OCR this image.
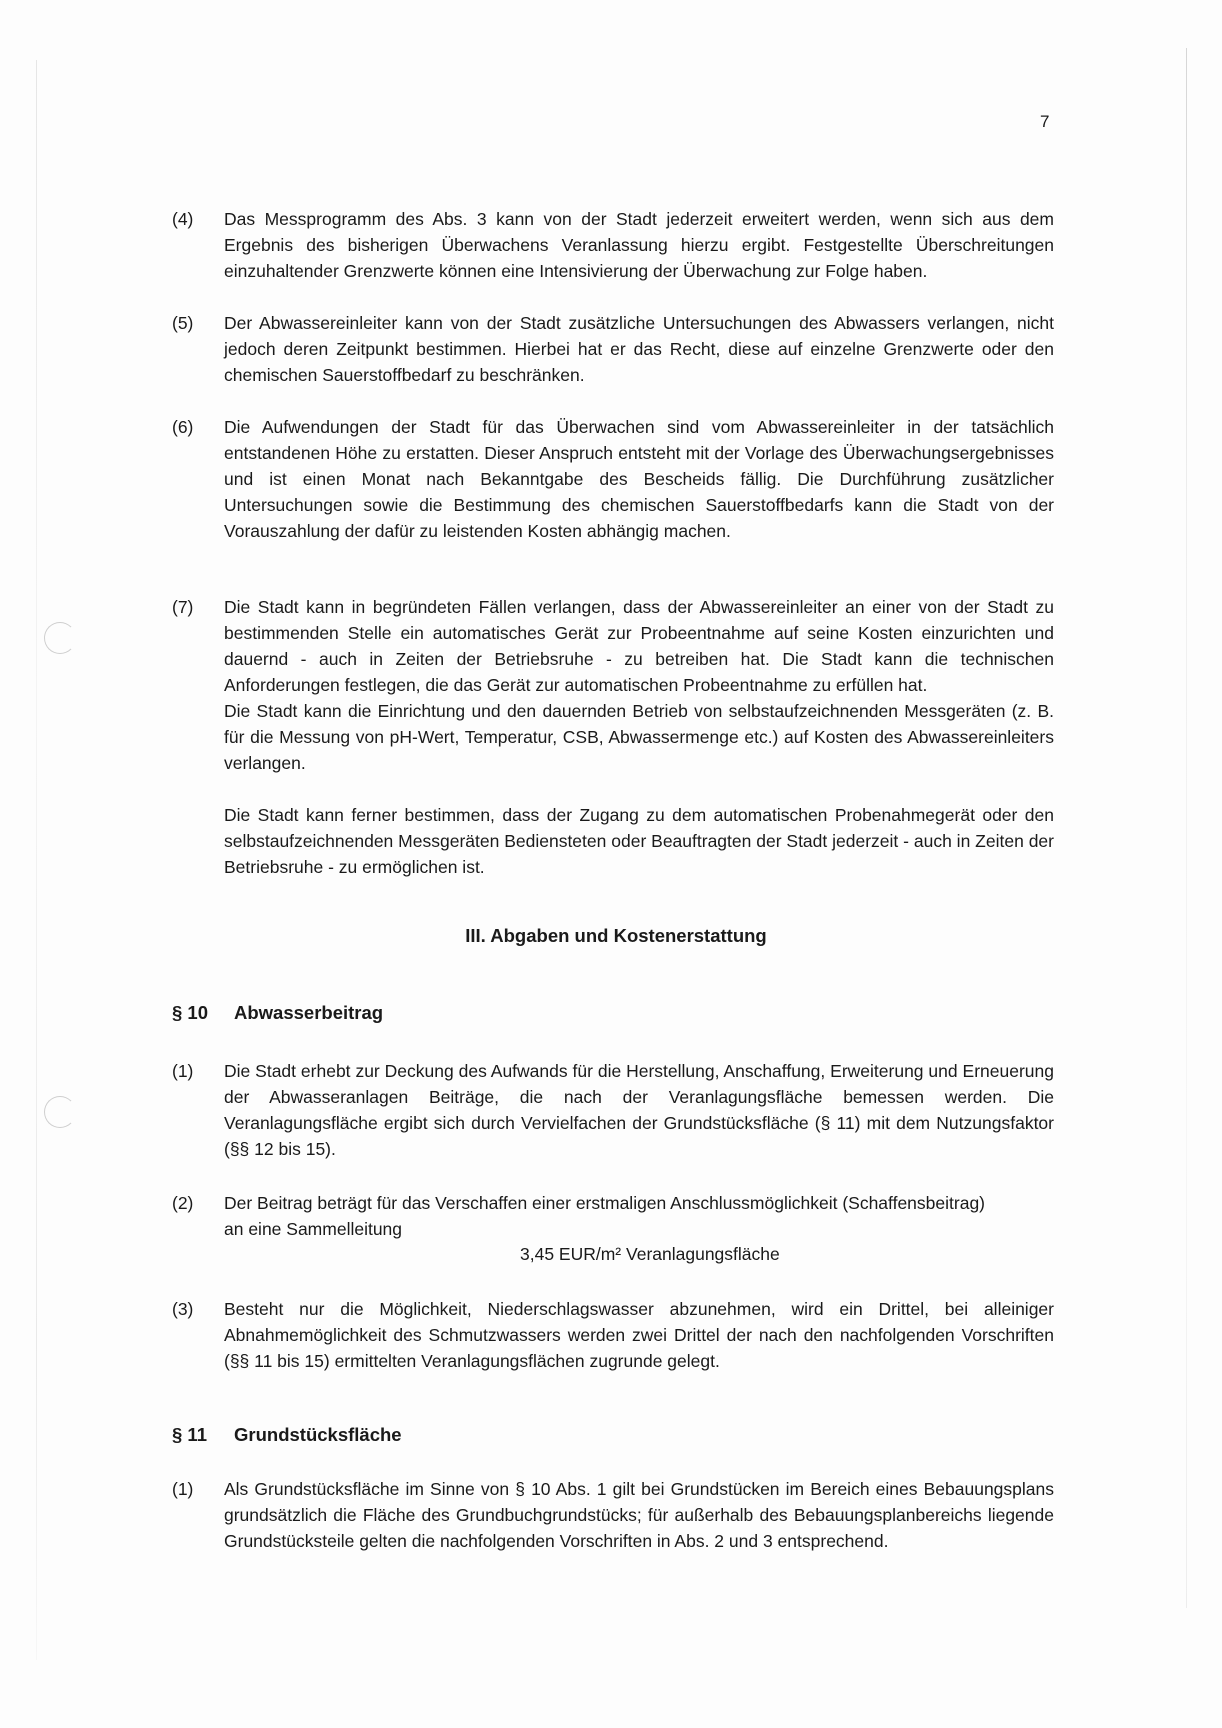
7
(4)	Das Messprogramm des Abs. 3 kann von der Stadt jederzeit erweitert werden, wenn sich aus dem Ergebnis des bisherigen Überwachens Veranlassung hierzu ergibt. Festgestellte Überschreitungen einzuhaltender Grenzwerte können eine Intensivierung der Überwachung zur Folge haben.

(5)	Der Abwassereinleiter kann von der Stadt zusätzliche Untersuchungen des Abwassers verlangen, nicht jedoch deren Zeitpunkt bestimmen. Hierbei hat er das Recht, diese auf einzelne Grenzwerte oder den chemischen Sauerstoffbedarf zu beschränken.

(6)	Die Aufwendungen der Stadt für das Überwachen sind vom Abwassereinleiter in der tatsächlich entstandenen Höhe zu erstatten. Dieser Anspruch entsteht mit der Vorlage des Überwachungsergebnisses und ist einen Monat nach Bekanntgabe des Bescheids fällig. Die Durchführung zusätzlicher Untersuchungen sowie die Bestimmung des chemischen Sauerstoffbedarfs kann die Stadt von der Vorauszahlung der dafür zu leistenden Kosten abhängig machen.

(7)	Die Stadt kann in begründeten Fällen verlangen, dass der Abwassereinleiter an einer von der Stadt zu bestimmenden Stelle ein automatisches Gerät zur Probeentnahme auf seine Kosten einzurichten und dauernd - auch in Zeiten der Betriebsruhe - zu betreiben hat. Die Stadt kann die technischen Anforderungen festlegen, die das Gerät zur automatischen Probeentnahme zu erfüllen hat.

Die Stadt kann die Einrichtung und den dauernden Betrieb von selbstaufzeichnenden Messgeräten (z. B. für die Messung von pH-Wert, Temperatur, CSB, Abwassermenge etc.) auf Kosten des Abwassereinleiters verlangen.

Die Stadt kann ferner bestimmen, dass der Zugang zu dem automatischen Probenahmegerät oder den selbstaufzeichnenden Messgeräten Bediensteten oder Beauftragten der Stadt jederzeit - auch in Zeiten der Betriebsruhe - zu ermöglichen ist.

III. Abgaben und Kostenerstattung
§ 10 Abwasserbeitrag
(1)	Die Stadt erhebt zur Deckung des Aufwands für die Herstellung, Anschaffung, Erweiterung und Erneuerung der Abwasseranlagen Beiträge, die nach der Veranlagungsfläche bemessen werden. Die Veranlagungsfläche ergibt sich durch Vervielfachen der Grundstücksfläche (§ 11) mit dem Nutzungsfaktor (§§ 12 bis 15).

(2)	Der Beitrag beträgt für das Verschaffen einer erstmaligen Anschlussmöglichkeit (Schaffensbeitrag)

an eine Sammelleitung

3,45 EUR/m² Veranlagungsfläche
(3)	Besteht nur die Möglichkeit, Niederschlagswasser abzunehmen, wird ein Drittel, bei alleiniger Abnahmemöglichkeit des Schmutzwassers werden zwei Drittel der nach den nachfolgenden Vorschriften (§§ 11 bis 15) ermittelten Veranlagungsflächen zugrunde gelegt.

§ 11 Grundstücksfläche
(1)	Als Grundstücksfläche im Sinne von § 10 Abs. 1 gilt bei Grundstücken im Bereich eines Bebauungsplans grundsätzlich die Fläche des Grundbuchgrundstücks; für außerhalb des Bebauungsplanbereichs liegende Grundstücksteile gelten die nachfolgenden Vorschriften in Abs. 2 und 3 entsprechend.
